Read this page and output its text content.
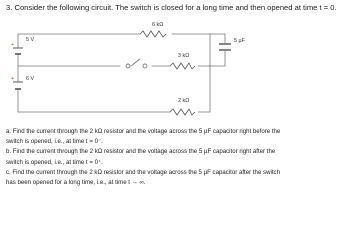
3. Consider the following circuit. The switch is closed for a long time and then opened at time t = 0.
+
+
5 V
6 V
6 kΩ
3 kΩ
2 kΩ
5 µF

a. Find the current through the 2 kΩ resistor and the voltage across the 5 µF capacitor right before the

switch is opened, i.e., at time t = 0⁻.

b. Find the current through the 2 kΩ resistor and the voltage across the 5 µF capacitor right after the

switch is opened, i.e., at time t = 0⁺.

c. Find the current through the 2 kΩ resistor and the voltage across the 5 µF capacitor after the switch

has been opened for a long time, i.e., at time t → ∞.
